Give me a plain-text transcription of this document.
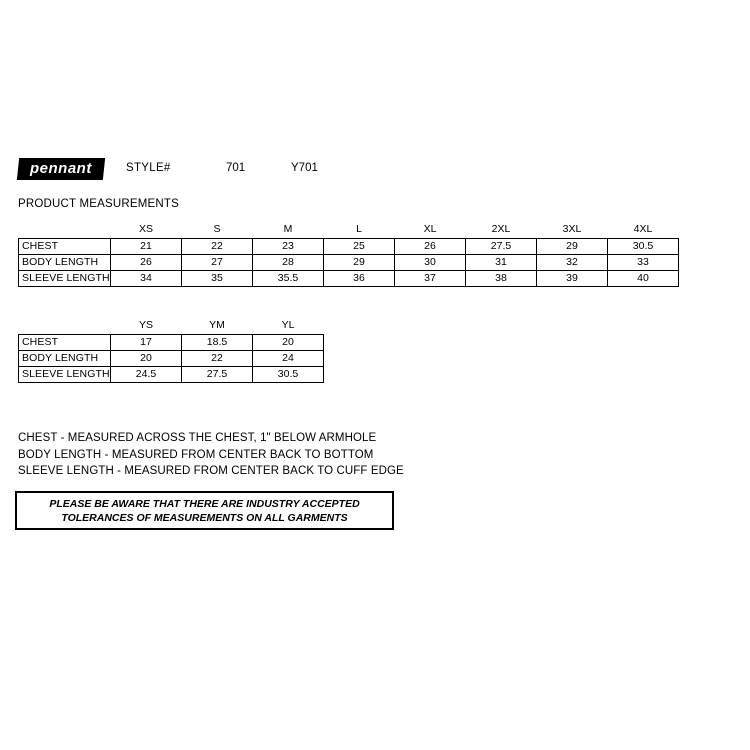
pennant	STYLE#	701	Y701
PRODUCT MEASUREMENTS
	XS	S	M	L	XL	2XL	3XL	4XL
CHEST	21	22	23	25	26	27.5	29	30.5
BODY LENGTH	26	27	28	29	30	31	32	33
SLEEVE LENGTH	34	35	35.5	36	37	38	39	40
	YS	YM	YL
CHEST	17	18.5	20
BODY LENGTH	20	22	24
SLEEVE LENGTH	24.5	27.5	30.5
CHEST - MEASURED ACROSS THE CHEST, 1" BELOW ARMHOLE
BODY LENGTH - MEASURED FROM CENTER BACK TO BOTTOM
SLEEVE LENGTH - MEASURED FROM CENTER BACK TO CUFF EDGE
PLEASE BE AWARE THAT THERE ARE INDUSTRY ACCEPTED
TOLERANCES OF MEASUREMENTS ON ALL GARMENTS
